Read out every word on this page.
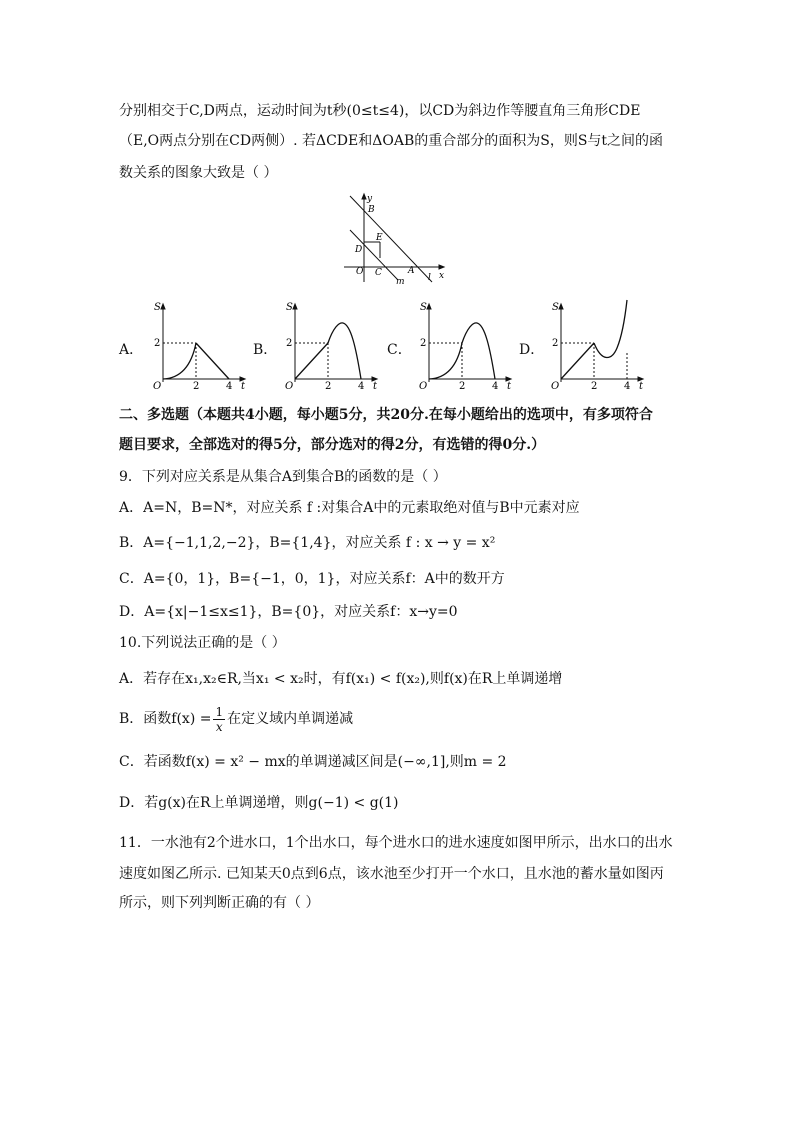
分别相交于C,D两点，运动时间为t秒(0≤t≤4)，以CD为斜边作等腰直角三角形CDE
（E,O两点分别在CD两侧）. 若ΔCDE和ΔOAB的重合部分的面积为S，则S与t之间的函
数关系的图象大致是（ ）
y
x
B
E
D
O C	A
l
m
A．	B．	C．	D．
S
2
O	2	4 t
S
2
O	2	4 t
S
2
O	2	4 t
S
2
O	2	4 t
二、多选题（本题共4小题，每小题5分，共20分.在每小题给出的选项中，有多项符合
题目要求，全部选对的得5分，部分选对的得2分，有选错的得0分.）
9．下列对应关系是从集合A到集合B的函数的是（ ）
A．A=N，B=N*，对应关系 f :对集合A中的元素取绝对值与B中元素对应
B．A={−1,1,2,−2}，B={1,4}，对应关系 f : x → y = x²
C．A={0，1}，B={−1，0，1}，对应关系f：A中的数开方
D．A={x|−1≤x≤1}，B={0}，对应关系f：x→y=0
10.下列说法正确的是（ ）
A．若存在x₁,x₂∈R,当x₁ < x₂时，有f(x₁) < f(x₂),则f(x)在R上单调递增
B．函数$f(x) = \frac{1}{x}$ 在定义域内单调递减
C．若函数f(x) = x² − mx的单调递减区间是(−∞,1],则m = 2
D．若g(x)在R上单调递增，则g(−1) < g(1)
11．一水池有2个进水口，1个出水口，每个进水口的进水速度如图甲所示，出水口的出水
速度如图乙所示. 已知某天0点到6点，该水池至少打开一个水口，且水池的蓄水量如图丙
所示，则下列判断正确的有（ ）
